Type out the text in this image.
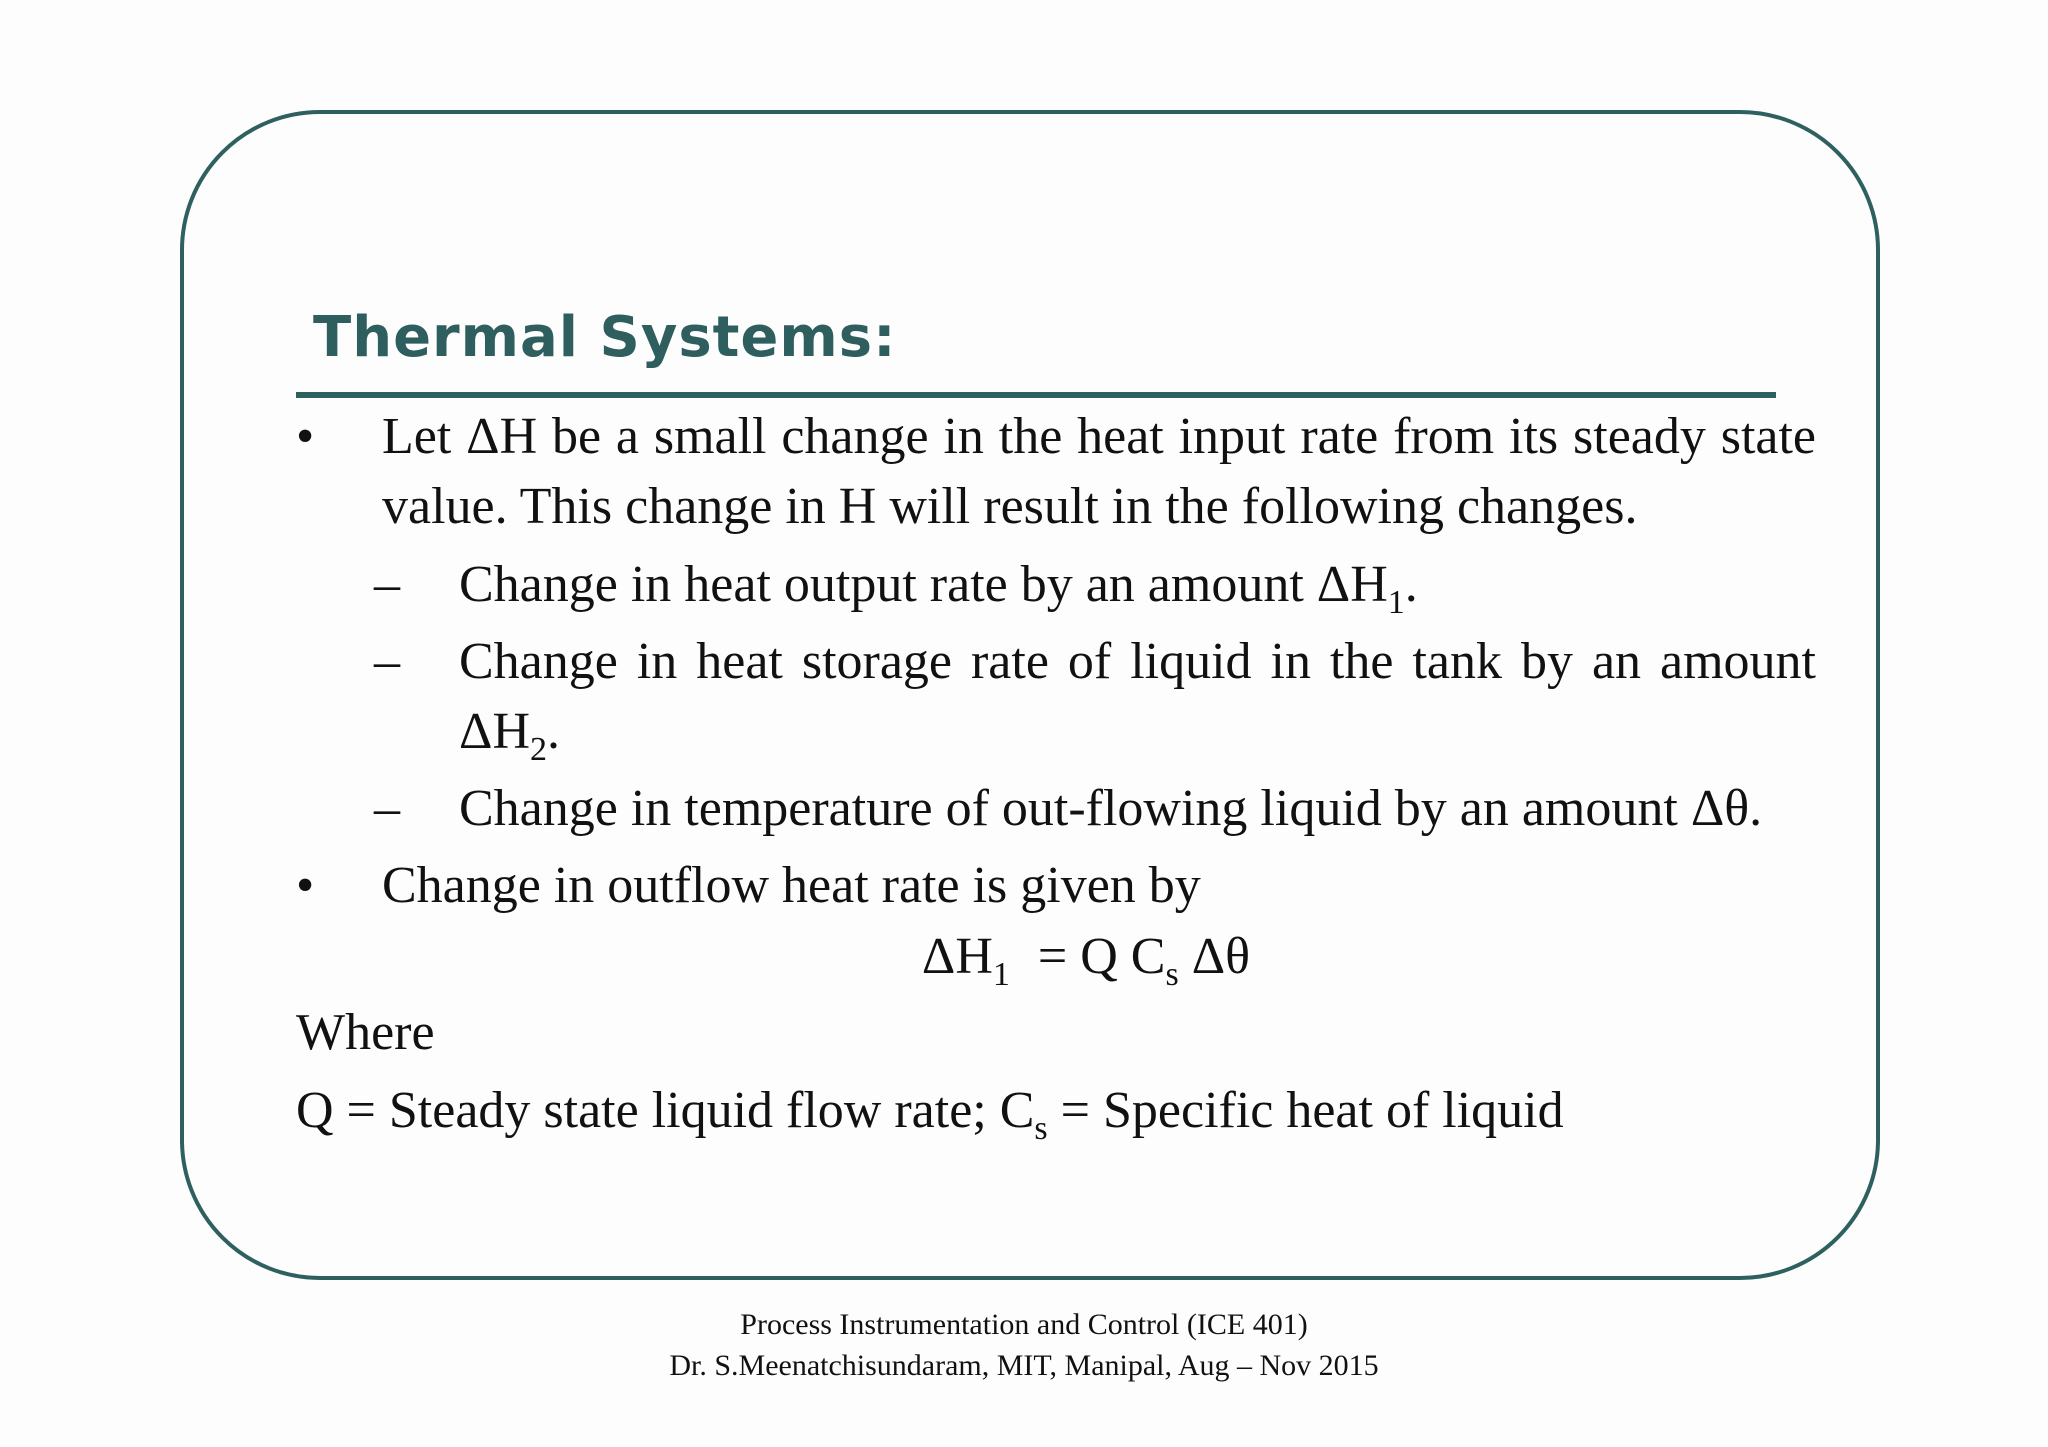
Thermal Systems:
•	Let ΔH be a small change in the heat input rate from its steady state value. This change in H will result in the following changes.
– Change in heat output rate by an amount $\Delta H_1$.
– Change in heat storage rate of liquid in the tank by an amount $\Delta H_2$.
– Change in temperature of out-flowing liquid by an amount Δθ.
•	Change in outflow heat rate is given by
$\Delta H_1 = Q$ $C_s$ Δθ
Where
Q = Steady state liquid flow rate; $C_s$ = Specific heat of liquid
Process Instrumentation and Control (ICE 401)
Dr. S.Meenatchisundaram, MIT, Manipal, Aug – Nov 2015
